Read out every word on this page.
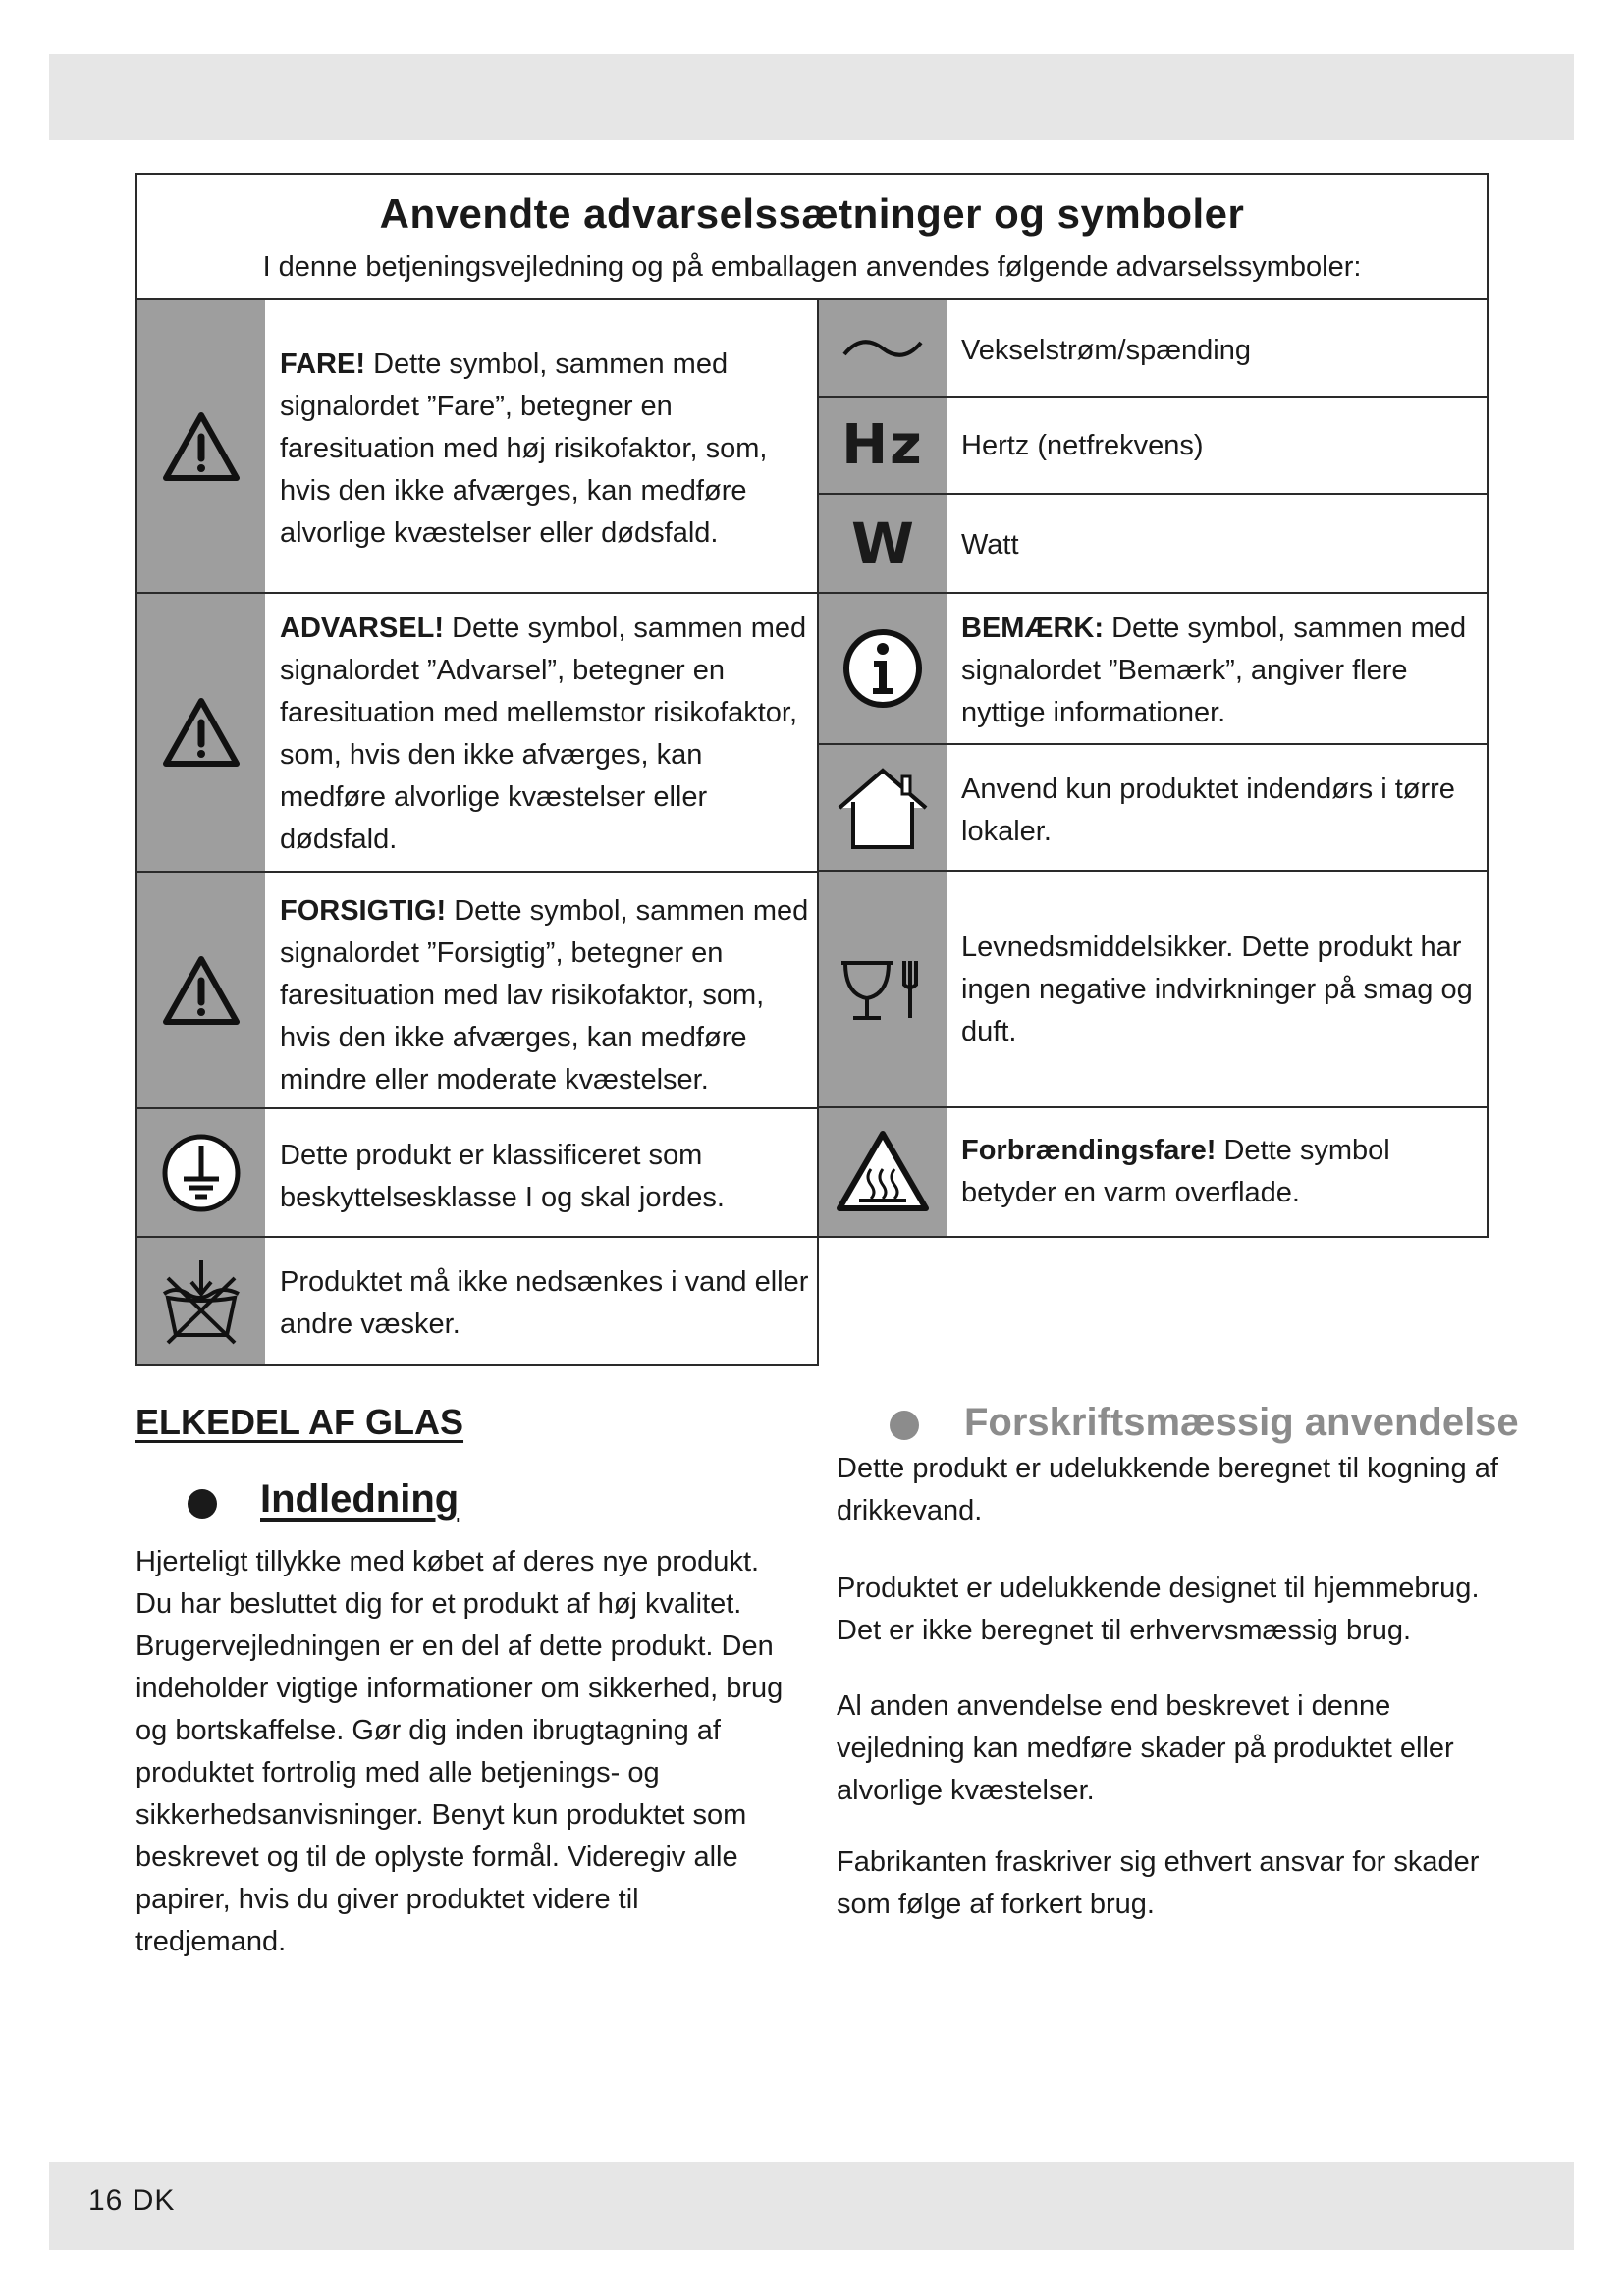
Anvendte advarselssætninger og symboler
I denne betjeningsvejledning og på emballagen anvendes følgende advarselssymboler:
FARE! Dette symbol, sammen med signalordet ”Fare”, betegner en faresituation med høj risikofaktor, som, hvis den ikke afværges, kan medføre alvorlige kvæstelser eller dødsfald.
ADVARSEL! Dette symbol, sammen med signalordet ”Advarsel”, betegner en faresituation med mellemstor risikofaktor, som, hvis den ikke afværges, kan medføre alvorlige kvæstelser eller dødsfald.
FORSIGTIG! Dette symbol, sammen med signalordet ”Forsigtig”, betegner en faresituation med lav risikofaktor, som, hvis den ikke afværges, kan medføre mindre eller moderate kvæstelser.
Dette produkt er klassificeret som beskyttelsesklasse I og skal jordes.
Produktet må ikke nedsænkes i vand eller andre væsker.
Vekselstrøm/spænding
Hz Hertz (netfrekvens)
W Watt
BEMÆRK: Dette symbol, sammen med signalordet ”Bemærk”, angiver flere nyttige informationer.
Anvend kun produktet indendørs i tørre lokaler.
Levnedsmiddelsikker. Dette produkt har ingen negative indvirkninger på smag og duft.
Forbrændingsfare! Dette symbol betyder en varm overflade.
ELKEDEL AF GLAS
Indledning
Hjerteligt tillykke med købet af deres nye produkt. Du har besluttet dig for et produkt af høj kvalitet. Brugervejledningen er en del af dette produkt. Den indeholder vigtige informationer om sikkerhed, brug og bortskaffelse. Gør dig inden ibrugtagning af produktet fortrolig med alle betjenings- og sikkerhedsanvisninger. Benyt kun produktet som beskrevet og til de oplyste formål. Videregiv alle papirer, hvis du giver produktet videre til tredjemand.
Forskriftsmæssig anvendelse
Dette produkt er udelukkende beregnet til kogning af drikkevand.
Produktet er udelukkende designet til hjemmebrug. Det er ikke beregnet til erhvervsmæssig brug.
Al anden anvendelse end beskrevet i denne vejledning kan medføre skader på produktet eller alvorlige kvæstelser.
Fabrikanten fraskriver sig ethvert ansvar for skader som følge af forkert brug.
16 DK
